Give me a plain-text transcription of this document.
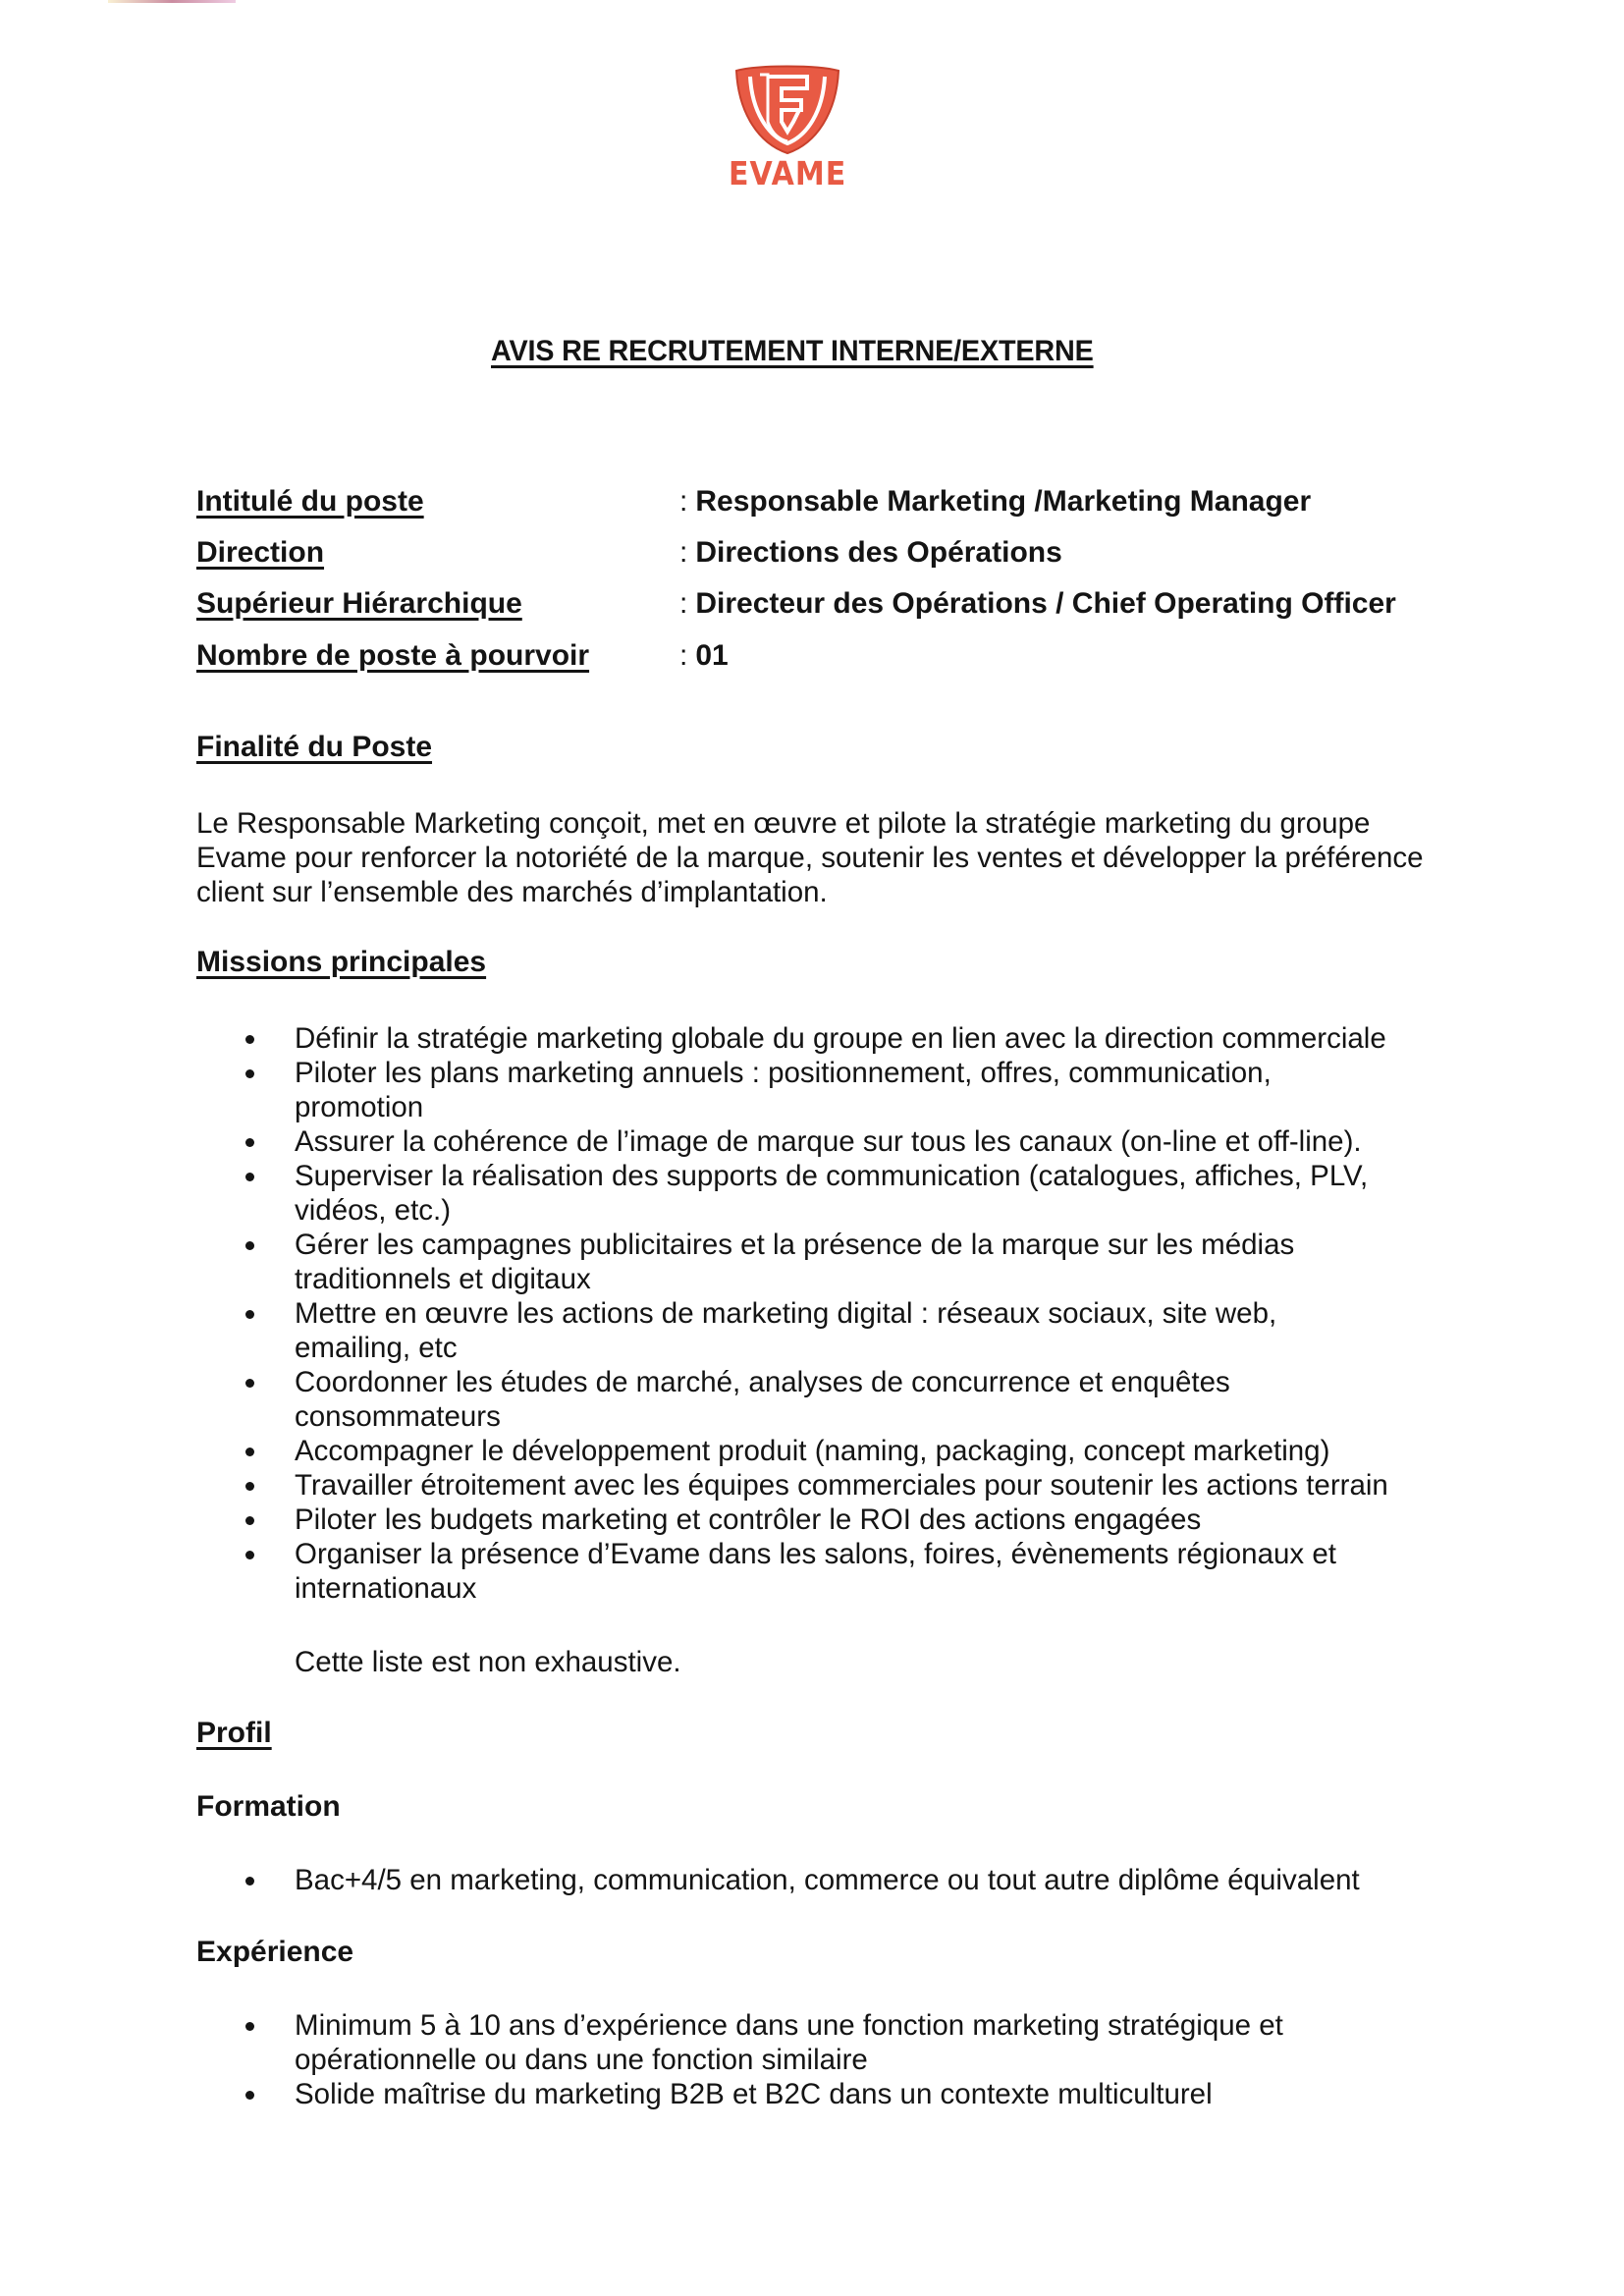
EVAME
AVIS RE RECRUTEMENT INTERNE/EXTERNE
Intitulé du poste	: Responsable Marketing /Marketing Manager
Direction	: Directions des Opérations
Supérieur Hiérarchique	: Directeur des Opérations / Chief Operating Officer
Nombre de poste à pourvoir	: 01
Finalité du Poste
Le Responsable Marketing conçoit, met en œuvre et pilote la stratégie marketing du groupe Evame pour renforcer la notoriété de la marque, soutenir les ventes et développer la préférence client sur l’ensemble des marchés d’implantation.
Missions principales
Définir la stratégie marketing globale du groupe en lien avec la direction commerciale
Piloter les plans marketing annuels : positionnement, offres, communication, promotion
Assurer la cohérence de l’image de marque sur tous les canaux (on-line et off-line).
Superviser la réalisation des supports de communication (catalogues, affiches, PLV, vidéos, etc.)
Gérer les campagnes publicitaires et la présence de la marque sur les médias traditionnels et digitaux
Mettre en œuvre les actions de marketing digital : réseaux sociaux, site web, emailing, etc
Coordonner les études de marché, analyses de concurrence et enquêtes consommateurs
Accompagner le développement produit (naming, packaging, concept marketing)
Travailler étroitement avec les équipes commerciales pour soutenir les actions terrain
Piloter les budgets marketing et contrôler le ROI des actions engagées
Organiser la présence d’Evame dans les salons, foires, évènements régionaux et internationaux
Cette liste est non exhaustive.
Profil
Formation
Bac+4/5 en marketing, communication, commerce ou tout autre diplôme équivalent
Expérience
Minimum 5 à 10 ans d’expérience dans une fonction marketing stratégique et opérationnelle ou dans une fonction similaire
Solide maîtrise du marketing B2B et B2C dans un contexte multiculturel
